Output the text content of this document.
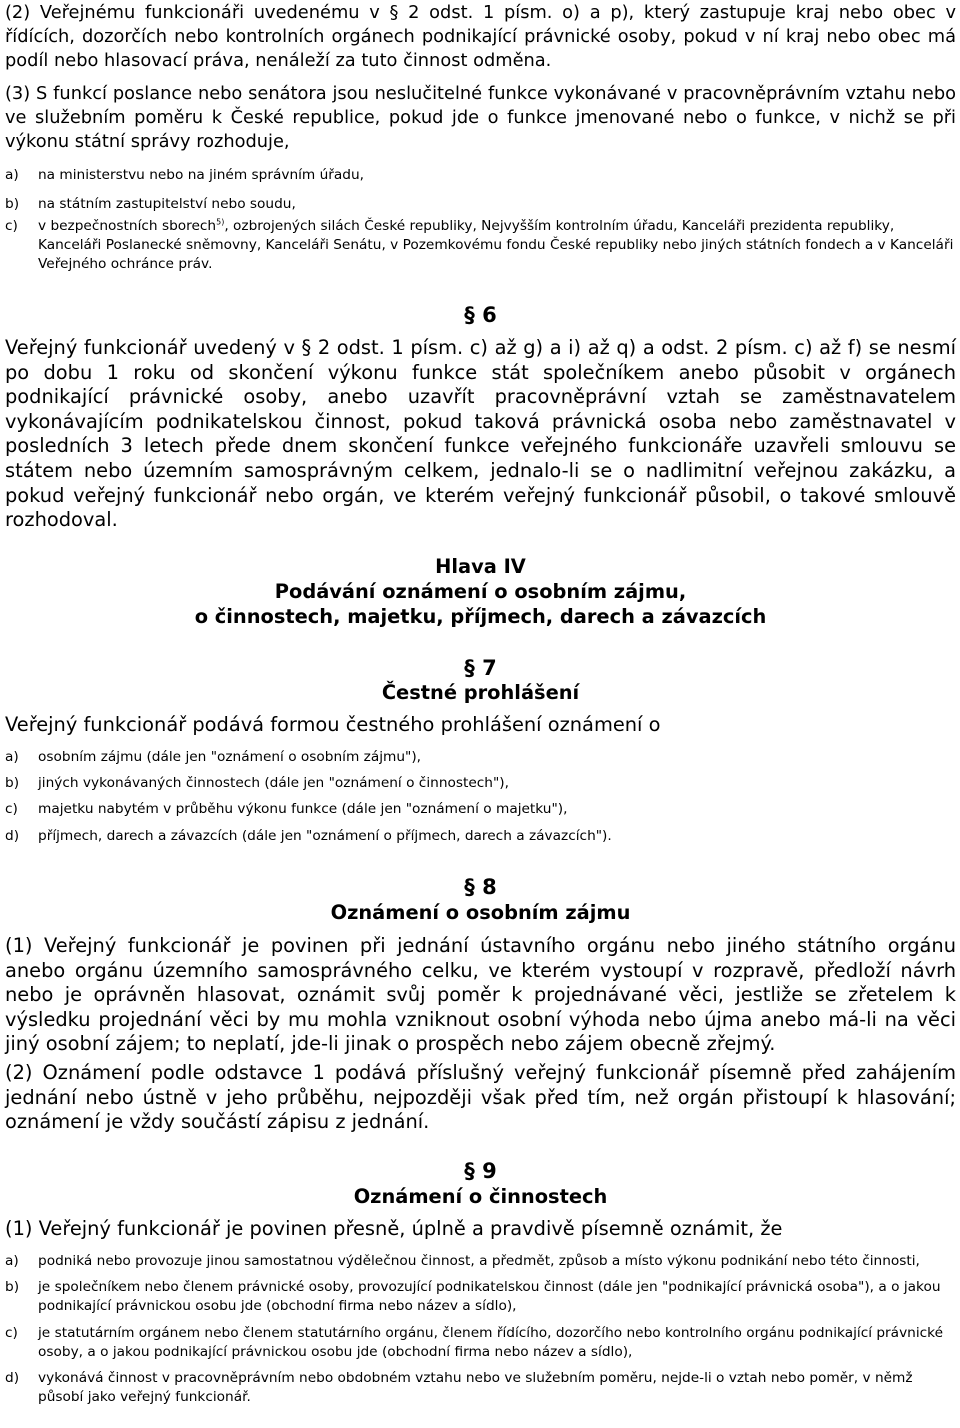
(2) Veřejnému funkcionáři uvedenému v § 2 odst. 1 písm. o) a p), který zastupuje kraj nebo obec v řídících, dozorčích nebo kontrolních orgánech podnikající právnické osoby, pokud v ní kraj nebo obec má podíl nebo hlasovací práva, nenáleží za tuto činnost odměna.

(3) S funkcí poslance nebo senátora jsou neslučitelné funkce vykonávané v pracovněprávním vztahu nebo ve služebním poměru k České republice, pokud jde o funkce jmenované nebo o funkce, v nichž se při výkonu státní správy rozhoduje,

a)	na ministerstvu nebo na jiném správním úřadu,
b)	na státním zastupitelství nebo soudu,
c)	v bezpečnostních sborech$^{5)}$, ozbrojených silách České republiky, Nejvyšším kontrolním úřadu, Kanceláři prezidenta republiky, Kanceláři Poslanecké sněmovny, Kanceláři Senátu, v Pozemkovému fondu České republiky nebo jiných státních fondech a v Kanceláři Veřejného ochránce práv.

§ 6

Veřejný funkcionář uvedený v § 2 odst. 1 písm. c) až g) a i) až q) a odst. 2 písm. c) až f) se nesmí po dobu 1 roku od skončení výkonu funkce stát společníkem anebo působit v orgánech podnikající právnické osoby, anebo uzavřít pracovněprávní vztah se zaměstnavatelem vykonávajícím podnikatelskou činnost, pokud taková právnická osoba nebo zaměstnavatel v posledních 3 letech přede dnem skončení funkce veřejného funkcionáře uzavřeli smlouvu se státem nebo územním samosprávným celkem, jednalo-li se o nadlimitní veřejnou zakázku, a pokud veřejný funkcionář nebo orgán, ve kterém veřejný funkcionář působil, o takové smlouvě rozhodoval.

Hlava IV

Podávání oznámení o osobním zájmu,

o činnostech, majetku, příjmech, darech a závazcích

§ 7

Čestné prohlášení

Veřejný funkcionář podává formou čestného prohlášení oznámení o

a)	osobním zájmu (dále jen "oznámení o osobním zájmu"),
b)	jiných vykonávaných činnostech (dále jen "oznámení o činnostech"),
c)	majetku nabytém v průběhu výkonu funkce (dále jen "oznámení o majetku"),
d)	příjmech, darech a závazcích (dále jen "oznámení o příjmech, darech a závazcích").

§ 8

Oznámení o osobním zájmu

(1) Veřejný funkcionář je povinen při jednání ústavního orgánu nebo jiného státního orgánu anebo orgánu územního samosprávného celku, ve kterém vystoupí v rozpravě, předloží návrh nebo je oprávněn hlasovat, oznámit svůj poměr k projednávané věci, jestliže se zřetelem k výsledku projednání věci by mu mohla vzniknout osobní výhoda nebo újma anebo má-li na věci jiný osobní zájem; to neplatí, jde-li jinak o prospěch nebo zájem obecně zřejmý.

(2) Oznámení podle odstavce 1 podává příslušný veřejný funkcionář písemně před zahájením jednání nebo ústně v jeho průběhu, nejpozději však před tím, než orgán přistoupí k hlasování; oznámení je vždy součástí zápisu z jednání.

§ 9

Oznámení o činnostech

(1) Veřejný funkcionář je povinen přesně, úplně a pravdivě písemně oznámit, že

a)	podniká nebo provozuje jinou samostatnou výdělečnou činnost, a předmět, způsob a místo výkonu podnikání nebo této činnosti,
b)	je společníkem nebo členem právnické osoby, provozující podnikatelskou činnost (dále jen "podnikající právnická osoba"), a o jakou podnikající právnickou osobu jde (obchodní firma nebo název a sídlo),
c)	je statutárním orgánem nebo členem statutárního orgánu, členem řídícího, dozorčího nebo kontrolního orgánu podnikající právnické osoby, a o jakou podnikající právnickou osobu jde (obchodní firma nebo název a sídlo),
d)	vykonává činnost v pracovněprávním nebo obdobném vztahu nebo ve služebním poměru, nejde-li o vztah nebo poměr, v němž působí jako veřejný funkcionář.
